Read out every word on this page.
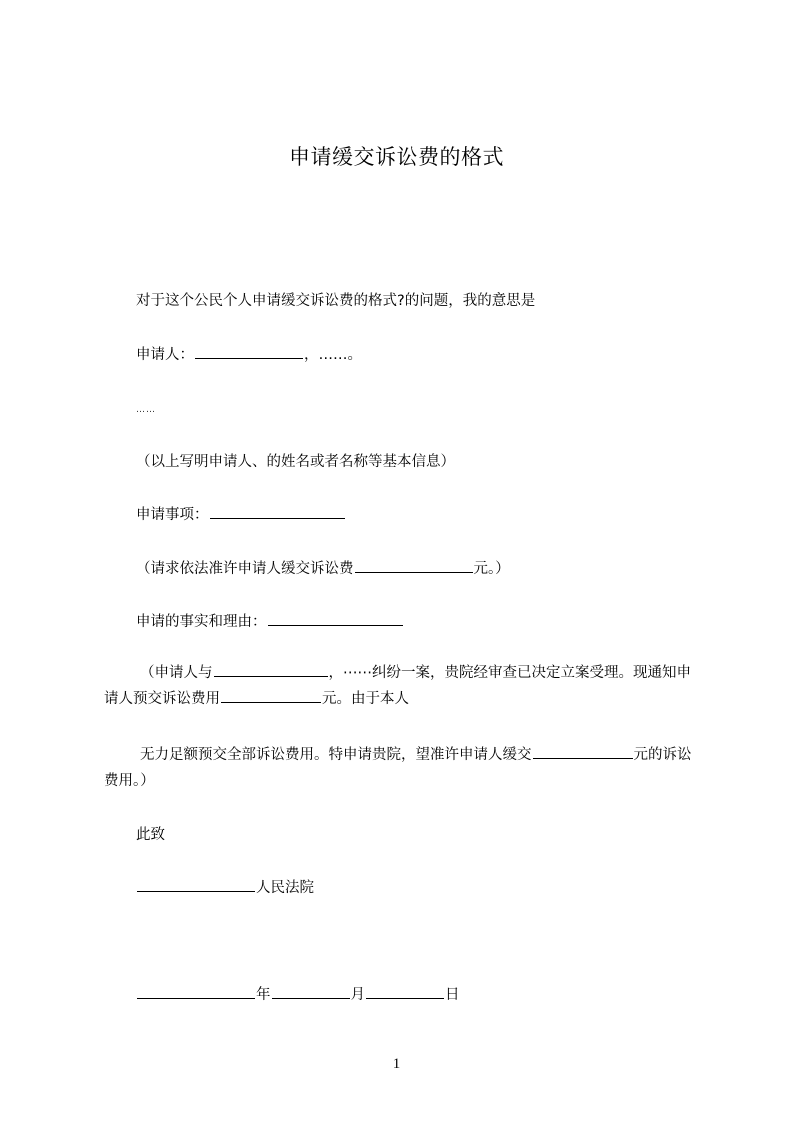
申请缓交诉讼费的格式
对于这个公民个人申请缓交诉讼费的格式?的问题，我的意思是
申请人：	，……。
……
（以上写明申请人、的姓名或者名称等基本信息）
申请事项：
（请求依法准许申请人缓交诉讼费	元。）
申请的事实和理由：
（申请人与	，⋯⋯纠纷一案，贵院经审查已决定立案受理。现通知申请人预交诉讼费用	元。由于本人
无力足额预交全部诉讼费用。特申请贵院，望准许申请人缓交	元的诉讼费用。）
此致
人民法院
年	月	日
1
